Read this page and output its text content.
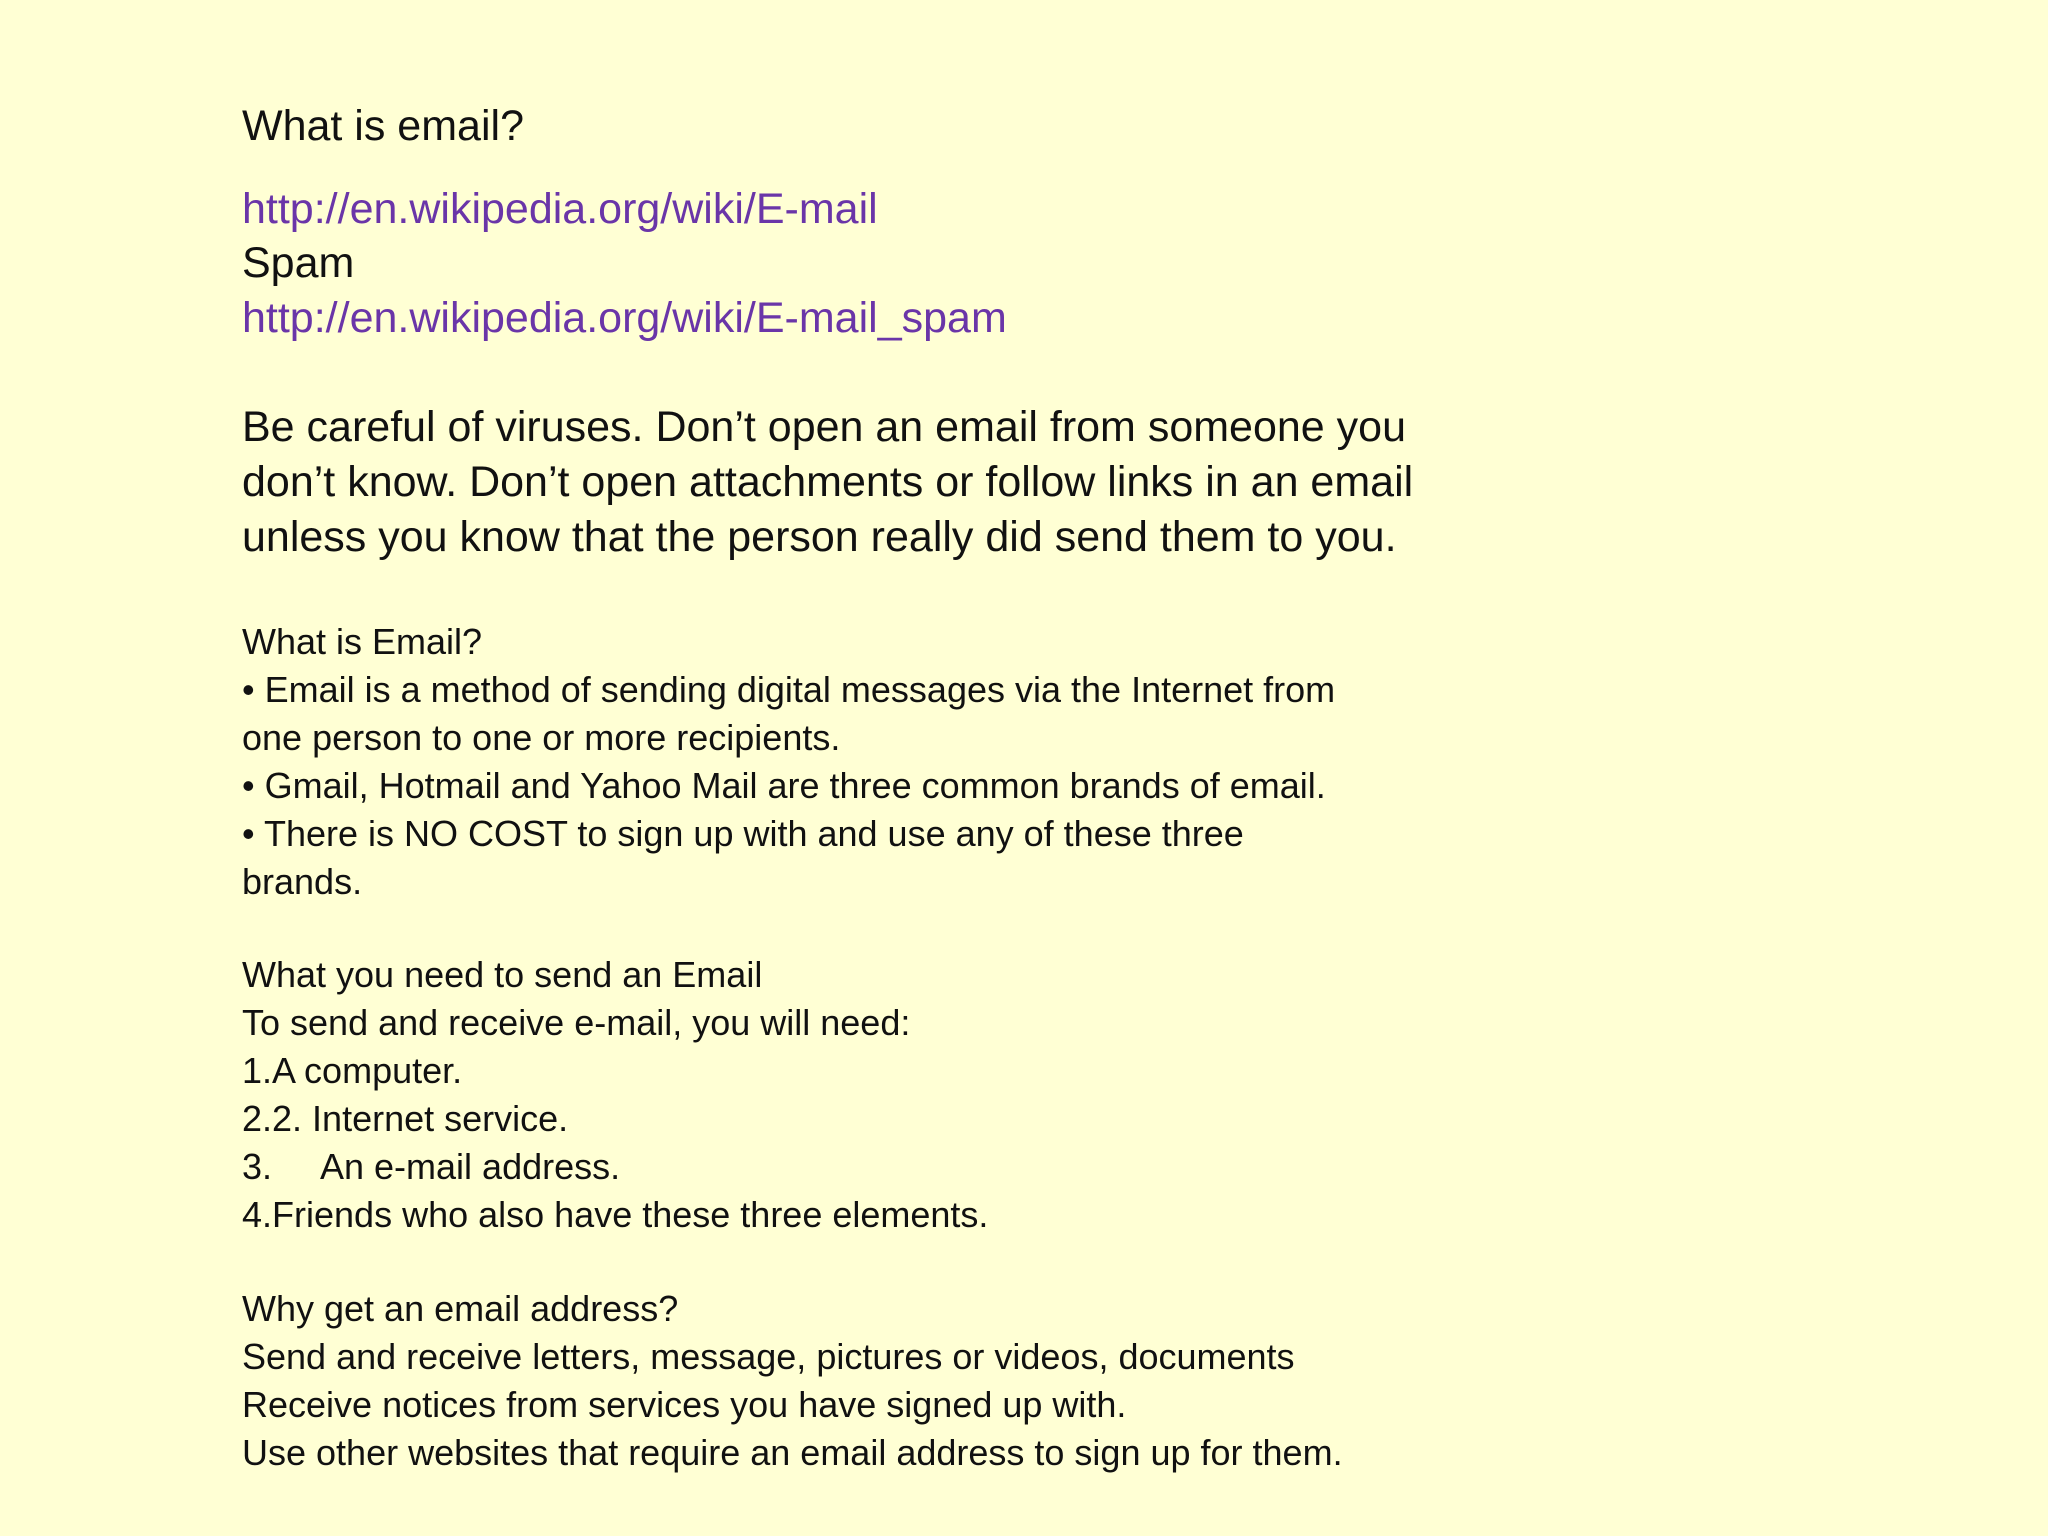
What is email?
http://en.wikipedia.org/wiki/E-mail
Spam
http://en.wikipedia.org/wiki/E-mail_spam
Be careful of viruses. Don’t open an email from someone you
don’t know. Don’t open attachments or follow links in an email
unless you know that the person really did send them to you.
What is Email?
• Email is a method of sending digital messages via the Internet from
one person to one or more recipients.
• Gmail, Hotmail and Yahoo Mail are three common brands of email.
• There is NO COST to sign up with and use any of these three
brands.
What you need to send an Email
To send and receive e-mail, you will need:
1.A computer.
2.2. Internet service.
3. An e-mail address.
4.Friends who also have these three elements.
Why get an email address?
Send and receive letters, message, pictures or videos, documents
Receive notices from services you have signed up with.
Use other websites that require an email address to sign up for them.
